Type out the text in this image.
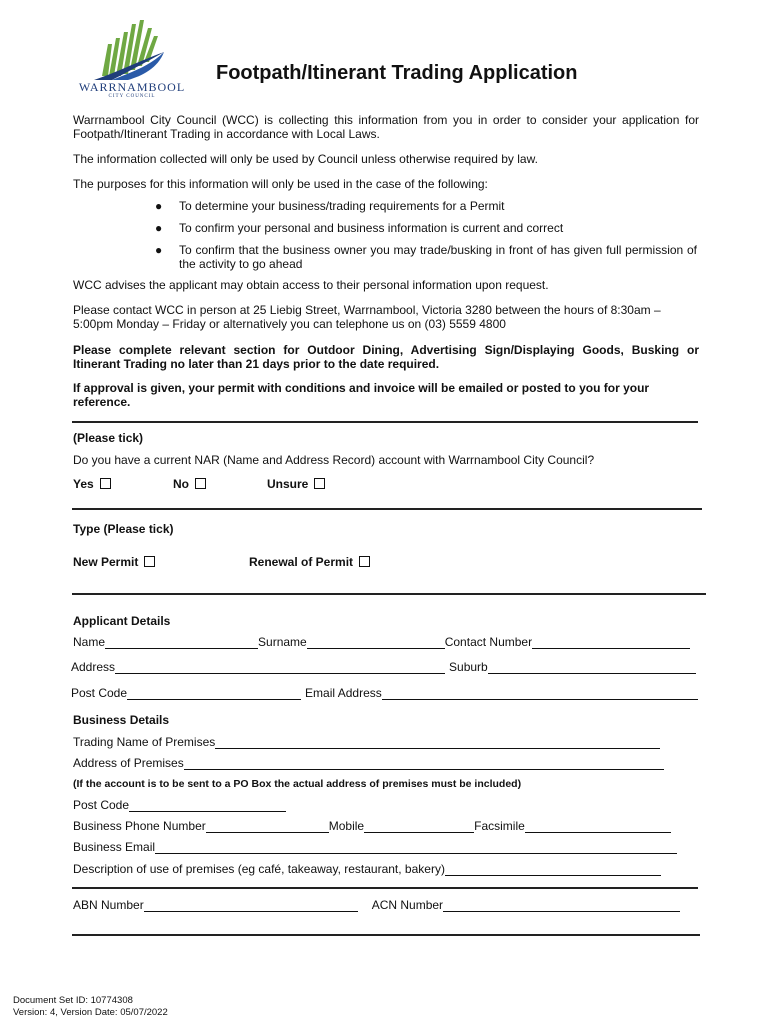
WARRNAMBOOL
CITY COUNCIL
Footpath/Itinerant Trading Application

Warrnambool City Council (WCC) is collecting this information from you in order to consider your application for Footpath/Itinerant Trading in accordance with Local Laws.

The information collected will only be used by Council unless otherwise required by law.

The purposes for this information will only be used in the case of the following:

● To determine your business/trading requirements for a Permit

● To confirm your personal and business information is current and correct

● To confirm that the business owner you may trade/busking in front of has given full permission of the activity to go ahead

WCC advises the applicant may obtain access to their personal information upon request.

Please contact WCC in person at 25 Liebig Street, Warrnambool, Victoria 3280 between the hours of 8:30am – 5:00pm Monday – Friday or alternatively you can telephone us on (03) 5559 4800

Please complete relevant section for Outdoor Dining, Advertising Sign/Displaying Goods, Busking or Itinerant Trading no later than 21 days prior to the date required.

If approval is given, your permit with conditions and invoice will be emailed or posted to you for your reference.

(Please tick)
Do you have a current NAR (Name and Address Record) account with Warrnambool City Council?
Yes	No	Unsure
Type (Please tick)
New Permit	Renewal of Permit
Applicant Details
Name	Surname	Contact Number
Address	Suburb
Post Code	Email Address
Business Details
Trading Name of Premises
Address of Premises
(If the account is to be sent to a PO Box the actual address of premises must be included)
Post Code
Business Phone Number	Mobile	Facsimile
Business Email
Description of use of premises (eg café, takeaway, restaurant, bakery)
ABN Number	ACN Number
Document Set ID: 10774308
Version: 4, Version Date: 05/07/2022
